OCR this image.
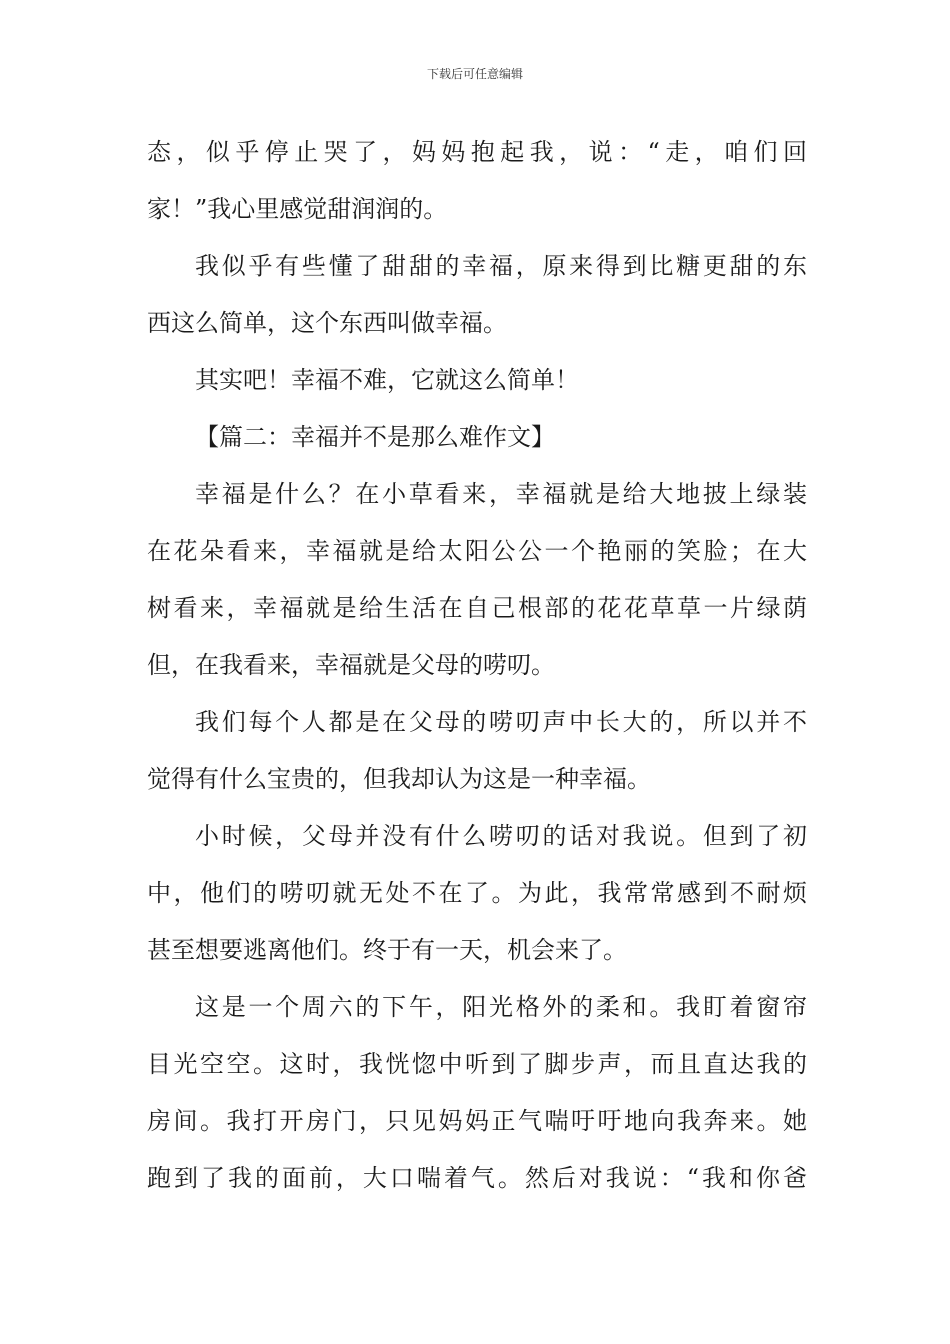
下载后可任意编辑
态，似乎停止哭了，妈妈抱起我，说：“走，咱们回
家！”我心里感觉甜润润的。
我似乎有些懂了甜甜的幸福，原来得到比糖更甜的东
西这么简单，这个东西叫做幸福。
其实吧！幸福不难，它就这么简单！
【篇二：幸福并不是那么难作文】
幸福是什么？在小草看来，幸福就是给大地披上绿装
在花朵看来，幸福就是给太阳公公一个艳丽的笑脸；在大
树看来，幸福就是给生活在自己根部的花花草草一片绿荫
但，在我看来，幸福就是父母的唠叨。
我们每个人都是在父母的唠叨声中长大的，所以并不
觉得有什么宝贵的，但我却认为这是一种幸福。
小时候，父母并没有什么唠叨的话对我说。但到了初
中，他们的唠叨就无处不在了。为此，我常常感到不耐烦
甚至想要逃离他们。终于有一天，机会来了。
这是一个周六的下午，阳光格外的柔和。我盯着窗帘
目光空空。这时，我恍惚中听到了脚步声，而且直达我的
房间。我打开房门，只见妈妈正气喘吁吁地向我奔来。她
跑到了我的面前，大口喘着气。然后对我说：“我和你爸
